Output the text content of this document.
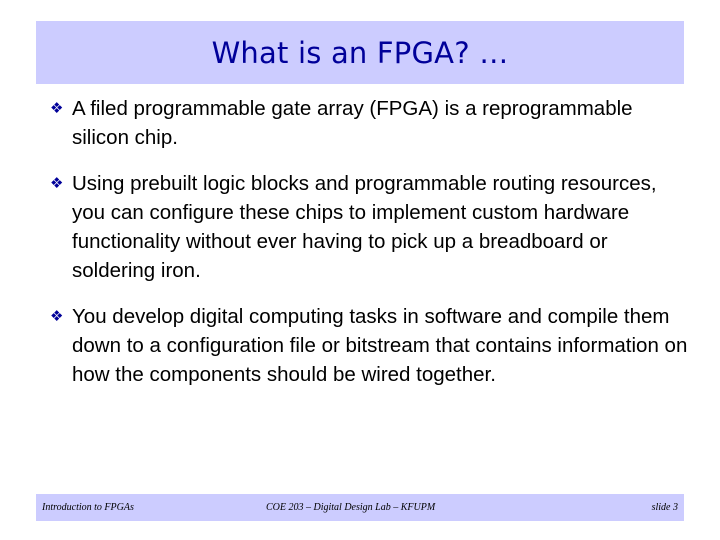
What is an FPGA? …
❖ A filed programmable gate array (FPGA) is a reprogrammable silicon chip.
❖ Using prebuilt logic blocks and programmable routing resources, you can configure these chips to implement custom hardware functionality without ever having to pick up a breadboard or soldering iron.
❖ You develop digital computing tasks in software and compile them down to a configuration file or bitstream that contains information on how the components should be wired together.
Introduction to FPGAs	COE 203 – Digital Design Lab – KFUPM	slide 3
